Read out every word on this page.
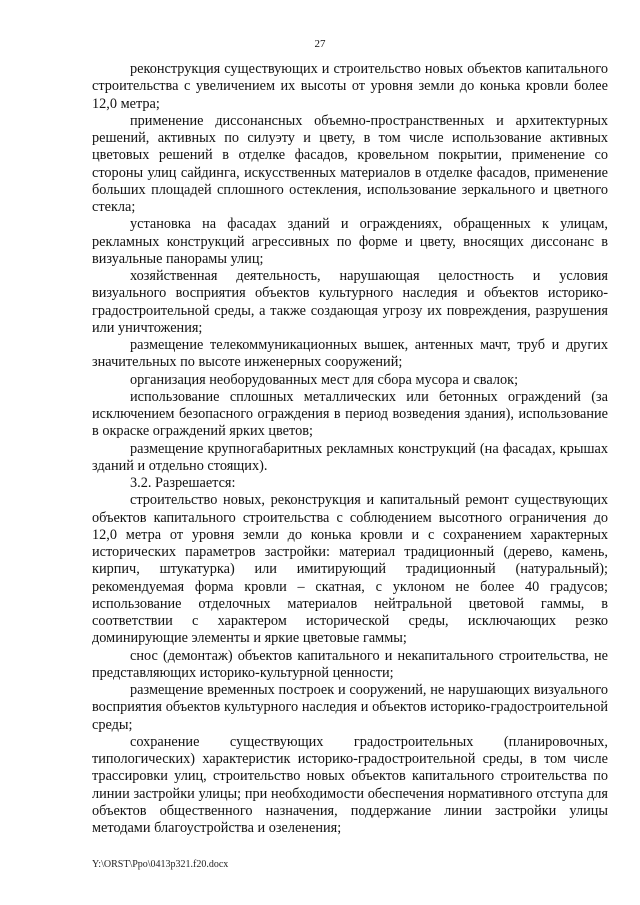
27

реконструкция существующих и строительство новых объектов капитального строительства с увеличением их высоты от уровня земли до конька кровли более 12,0 метра;

применение диссонансных объемно-пространственных и архитектурных решений, активных по силуэту и цвету, в том числе использование активных цветовых решений в отделке фасадов, кровельном покрытии, применение со стороны улиц сайдинга, искусственных материалов в отделке фасадов, применение больших площадей сплошного остекления, использование зеркального и цветного стекла;

установка на фасадах зданий и ограждениях, обращенных к улицам, рекламных конструкций агрессивных по форме и цвету, вносящих диссонанс в визуальные панорамы улиц;

хозяйственная деятельность, нарушающая целостность и условия визуального восприятия объектов культурного наследия и объектов историко-градостроительной среды, а также создающая угрозу их повреждения, разрушения или уничтожения;

размещение телекоммуникационных вышек, антенных мачт, труб и других значительных по высоте инженерных сооружений;

организация необорудованных мест для сбора мусора и свалок;

использование сплошных металлических или бетонных ограждений (за исключением безопасного ограждения в период возведения здания), использование в окраске ограждений ярких цветов;

размещение крупногабаритных рекламных конструкций (на фасадах, крышах зданий и отдельно стоящих).

3.2. Разрешается:

строительство новых, реконструкция и капитальный ремонт существующих объектов капитального строительства с соблюдением высотного ограничения до 12,0 метра от уровня земли до конька кровли и с сохранением характерных исторических параметров застройки: материал традиционный (дерево, камень, кирпич, штукатурка) или имитирующий традиционный (натуральный); рекомендуемая форма кровли – скатная, с уклоном не более 40 градусов; использование отделочных материалов нейтральной цветовой гаммы, в соответствии с характером исторической среды, исключающих резко доминирующие элементы и яркие цветовые гаммы;

снос (демонтаж) объектов капитального и некапитального строительства, не представляющих историко-культурной ценности;

размещение временных построек и сооружений, не нарушающих визуального восприятия объектов культурного наследия и объектов историко-градостроительной среды;

сохранение существующих градостроительных (планировочных, типологических) характеристик историко-градостроительной среды, в том числе трассировки улиц, строительство новых объектов капитального строительства по линии застройки улицы; при необходимости обеспечения нормативного отступа для объектов общественного назначения, поддержание линии застройки улицы методами благоустройства и озеленения;

Y:\ORST\Ppo\0413p321.f20.docx
